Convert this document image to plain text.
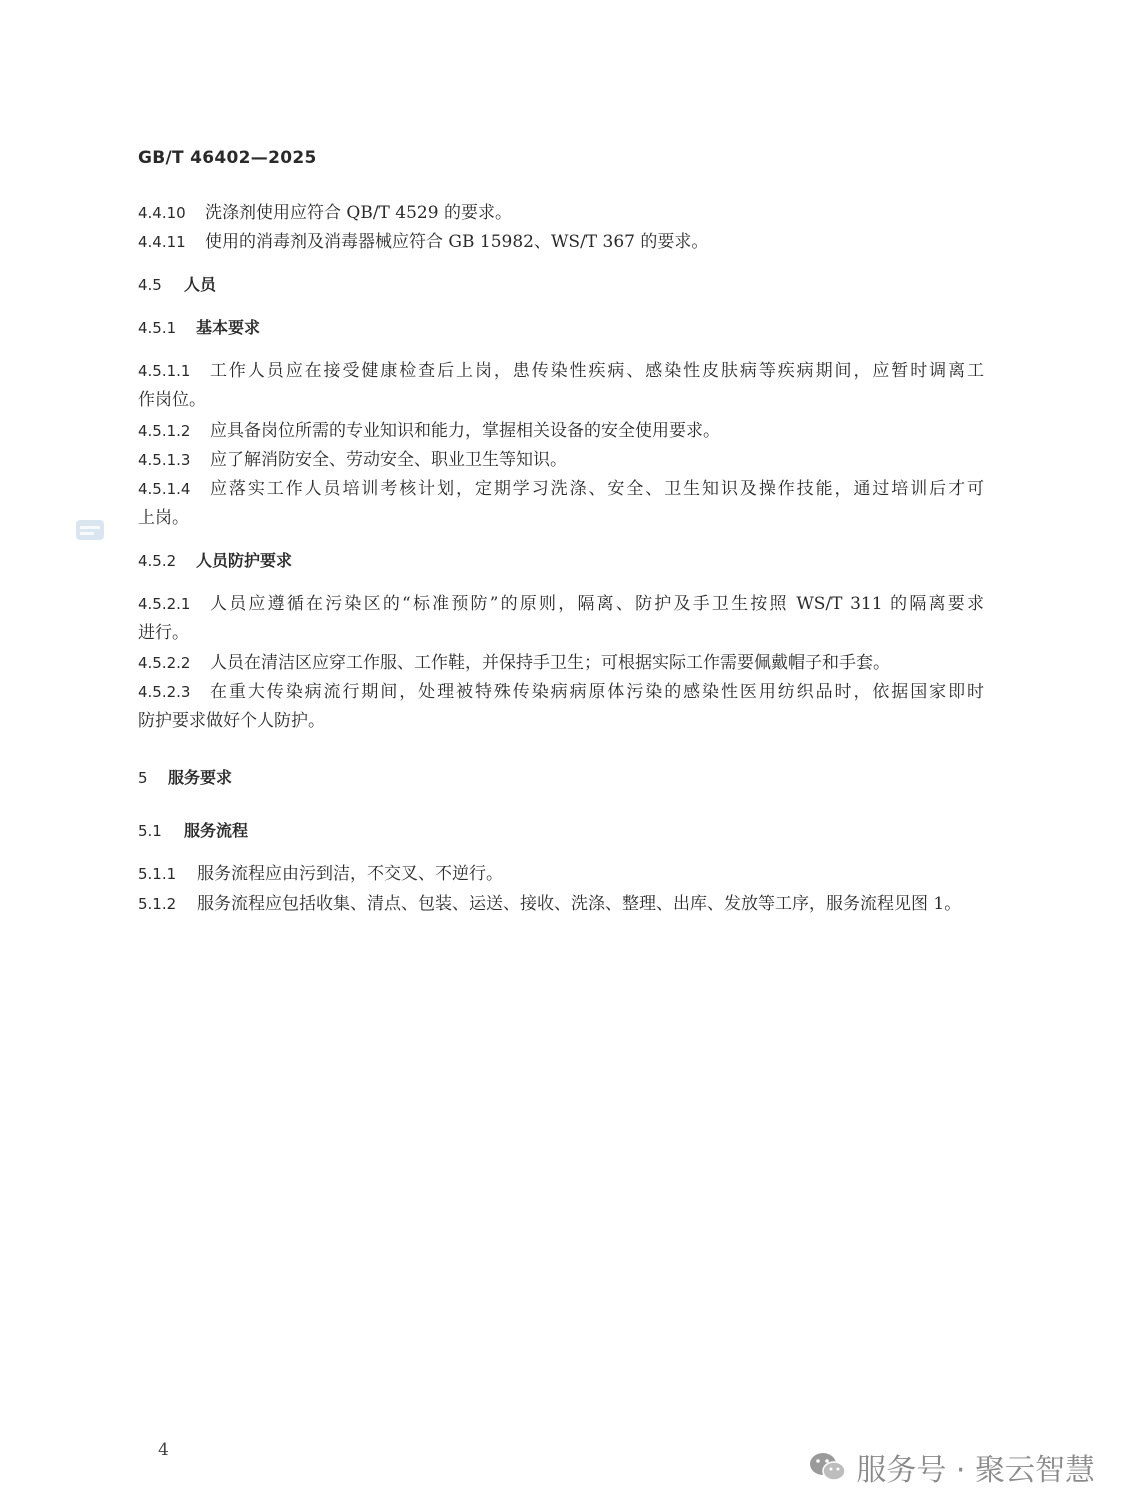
GB/T 46402—2025
4.4.10 洗涤剂使用应符合 QB/T 4529 的要求。
4.4.11 使用的消毒剂及消毒器械应符合 GB 15982、WS/T 367 的要求。
4.5 人员
4.5.1 基本要求
4.5.1.1	工作人员应在接受健康检查后上岗，患传染性疾病、感染性皮肤病等疾病期间，应暂时调离工
作岗位。
4.5.1.2 应具备岗位所需的专业知识和能力，掌握相关设备的安全使用要求。
4.5.1.3 应了解消防安全、劳动安全、职业卫生等知识。
4.5.1.4	应落实工作人员培训考核计划，定期学习洗涤、安全、卫生知识及操作技能，通过培训后才可
上岗。
4.5.2 人员防护要求
4.5.2.1	人员应遵循在污染区的“标准预防”的原则，隔离、防护及手卫生按照 WS/T 311 的隔离要求
进行。
4.5.2.2 人员在清洁区应穿工作服、工作鞋，并保持手卫生；可根据实际工作需要佩戴帽子和手套。
4.5.2.3	在重大传染病流行期间，处理被特殊传染病病原体污染的感染性医用纺织品时，依据国家即时
防护要求做好个人防护。
5 服务要求
5.1 服务流程
5.1.1 服务流程应由污到洁，不交叉、不逆行。
5.1.2 服务流程应包括收集、清点、包装、运送、接收、洗涤、整理、出库、发放等工序，服务流程见图 1。
4
服务号 · 聚云智慧
